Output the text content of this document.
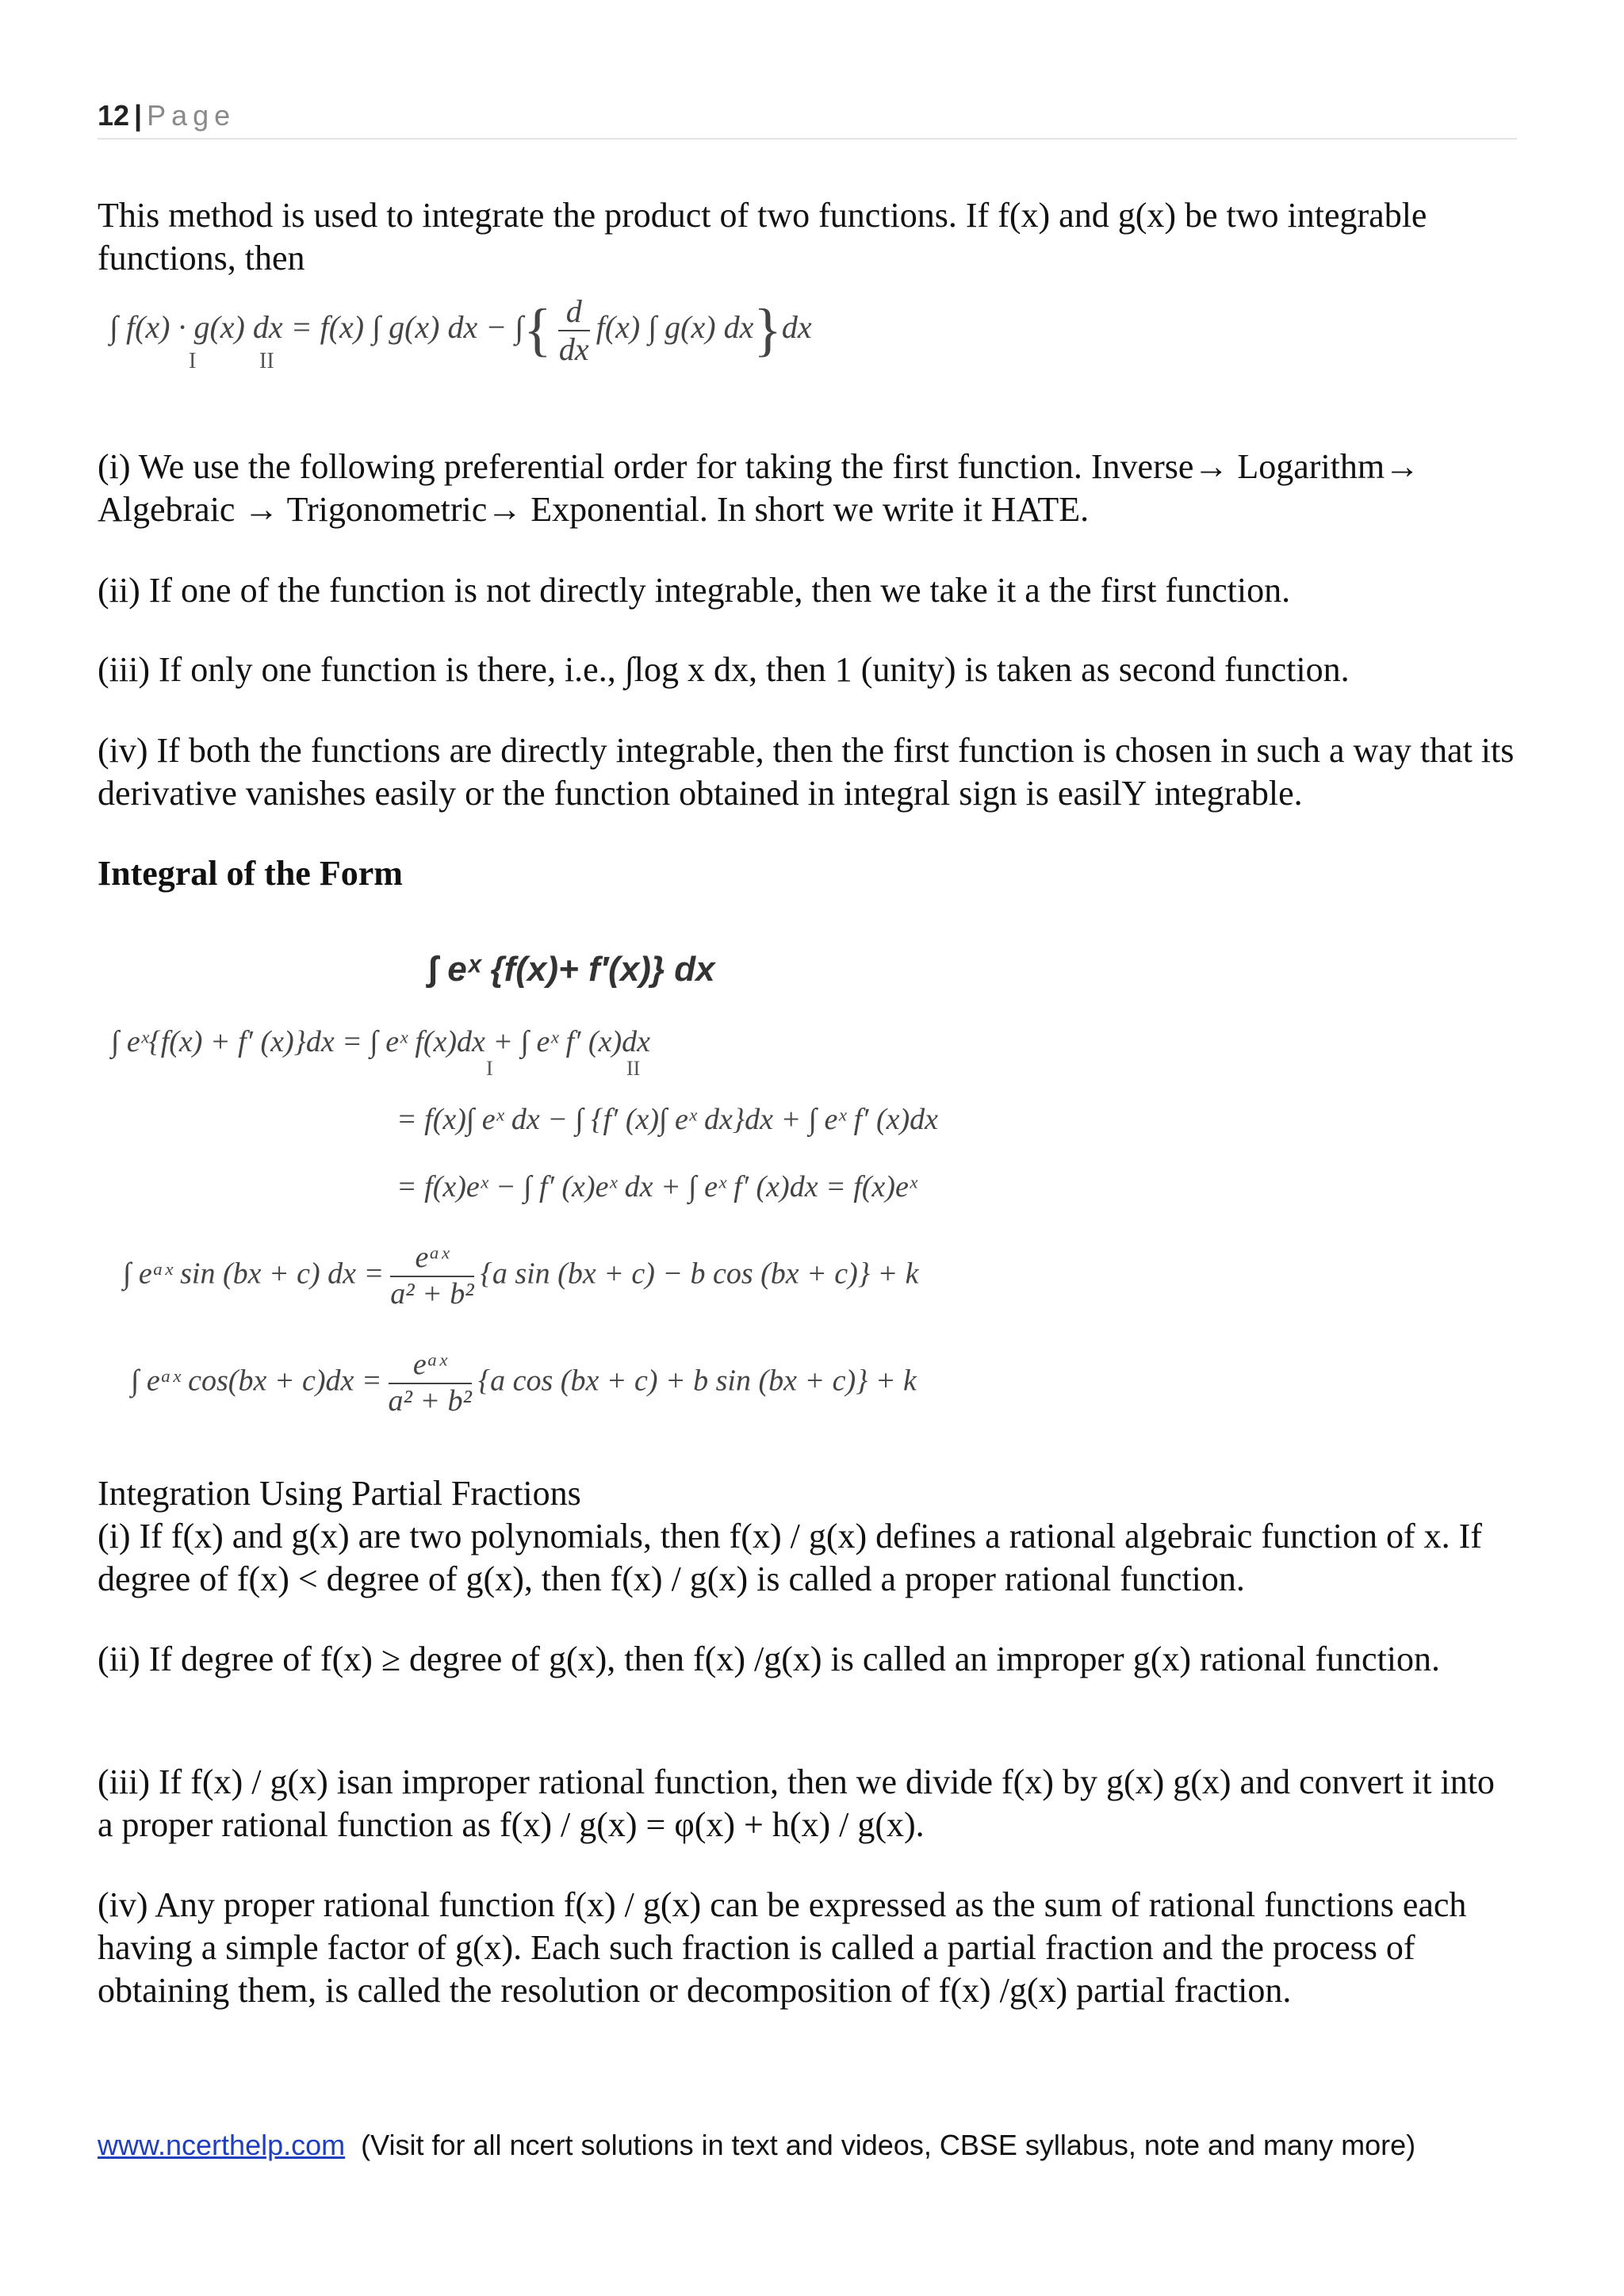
12 | Page

This method is used to integrate the product of two functions. If f(x) and g(x) be two integrable functions, then

∫ f(x) · g(x) dx = f(x) ∫ g(x) dx − ∫{ $\frac{d}{dx} f(x)$ ∫ g(x) dx}dx
I	II

(i) We use the following preferential order for taking the first function. Inverse→ Logarithm→ Algebraic → Trigonometric→ Exponential. In short we write it HATE.

(ii) If one of the function is not directly integrable, then we take it a the first function.

(iii) If only one function is there, i.e., ∫log x dx, then 1 (unity) is taken as second function.

(iv) If both the functions are directly integrable, then the first function is chosen in such a way that its derivative vanishes easily or the function obtained in integral sign is easilY integrable.

Integral of the Form

∫ eˣ {f(x)+ f′(x)} dx
∫ eˣ{f(x) + f′ (x)}dx = ∫ eˣ f(x)dx + ∫ eˣ f′ (x)dx
I	II
= f(x)∫ eˣ dx − ∫ {f′ (x)∫ eˣ dx}dx + ∫ eˣ f′ (x)dx
= f(x)eˣ − ∫ f′ (x)eˣ dx + ∫ eˣ f′ (x)dx = f(x)eˣ
∫ eᵃˣ sin (bx + c) dx = $\frac{\text{eᵃˣ}}{\text{a² + b²}} \{a$ sin (bx + c) − b cos (bx + c)} + k
∫ eᵃˣ $\cos(bx + c)dx = \frac{\text{eᵃˣ}}{\text{a² + b²}} \{a$ cos (bx + c) + b sin (bx + c)} + k

Integration Using Partial Fractions

(i) If f(x) and g(x) are two polynomials, then f(x) / g(x) defines a rational algebraic function of x. If degree of f(x) < degree of g(x), then f(x) / g(x) is called a proper rational function.

(ii) If degree of f(x) ≥ degree of g(x), then f(x) /g(x) is called an improper g(x) rational function.

(iii) If f(x) / g(x) isan improper rational function, then we divide f(x) by g(x) g(x) and convert it into a proper rational function as f(x) / g(x) = φ(x) + h(x) / g(x).

(iv) Any proper rational function f(x) / g(x) can be expressed as the sum of rational functions each having a simple factor of g(x). Each such fraction is called a partial fraction and the process of obtaining them, is called the resolution or decomposition of f(x) /g(x) partial fraction.

www.ncerthelp.com (Visit for all ncert solutions in text and videos, CBSE syllabus, note and many more)
